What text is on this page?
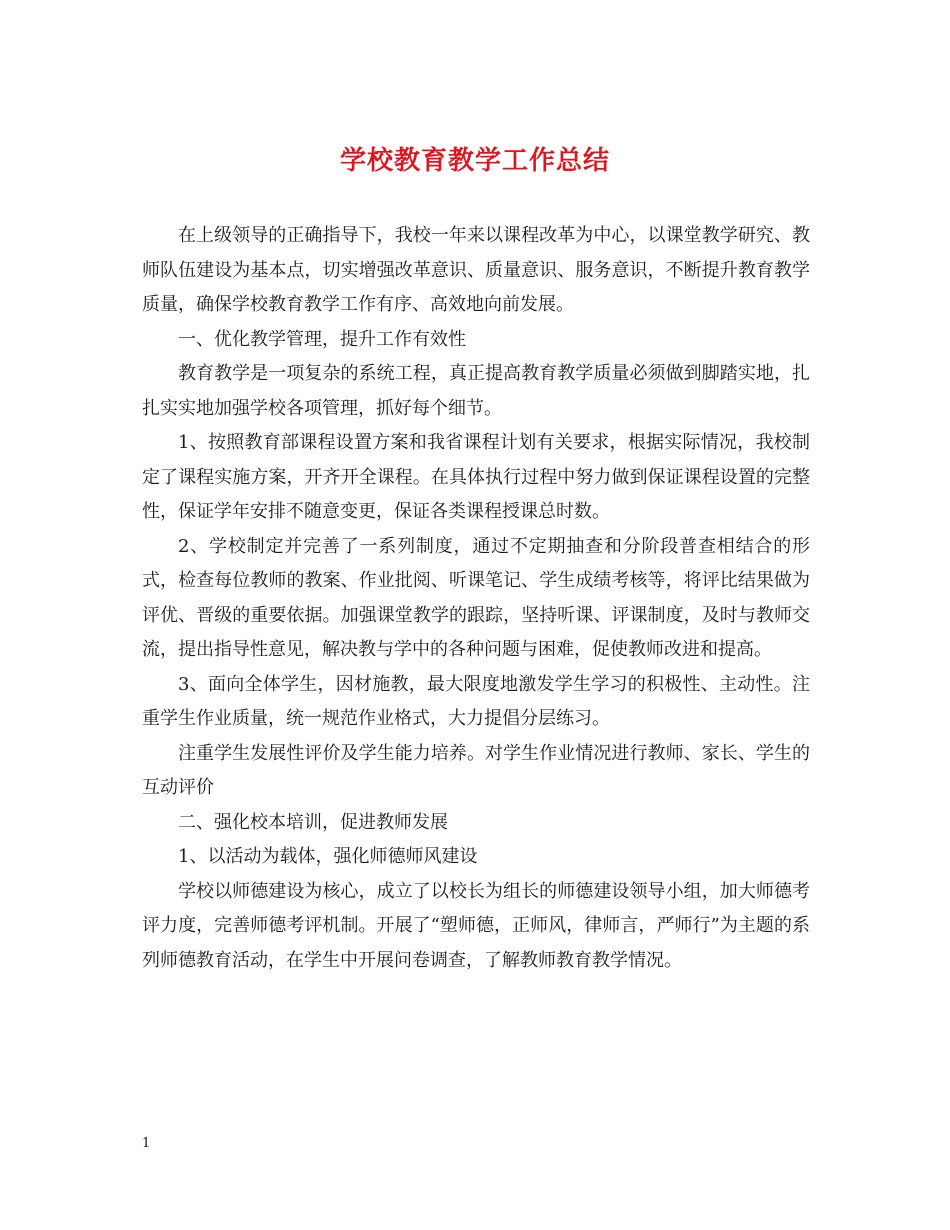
学校教育教学工作总结

在上级领导的正确指导下，我校一年来以课程改革为中心，以课堂教学研究、教师队伍建设为基本点，切实增强改革意识、质量意识、服务意识，不断提升教育教学质量，确保学校教育教学工作有序、高效地向前发展。

一、优化教学管理，提升工作有效性

教育教学是一项复杂的系统工程，真正提高教育教学质量必须做到脚踏实地，扎扎实实地加强学校各项管理，抓好每个细节。

1、按照教育部课程设置方案和我省课程计划有关要求，根据实际情况，我校制定了课程实施方案，开齐开全课程。在具体执行过程中努力做到保证课程设置的完整性，保证学年安排不随意变更，保证各类课程授课总时数。

2、学校制定并完善了一系列制度，通过不定期抽查和分阶段普查相结合的形式，检查每位教师的教案、作业批阅、听课笔记、学生成绩考核等，将评比结果做为评优、晋级的重要依据。加强课堂教学的跟踪，坚持听课、评课制度，及时与教师交流，提出指导性意见，解决教与学中的各种问题与困难，促使教师改进和提高。

3、面向全体学生，因材施教，最大限度地激发学生学习的积极性、主动性。注重学生作业质量，统一规范作业格式，大力提倡分层练习。

注重学生发展性评价及学生能力培养。对学生作业情况进行教师、家长、学生的互动评价

二、强化校本培训，促进教师发展

1、以活动为载体，强化师德师风建设

学校以师德建设为核心，成立了以校长为组长的师德建设领导小组，加大师德考评力度，完善师德考评机制。开展了“塑师德，正师风，律师言，严师行”为主题的系列师德教育活动，在学生中开展问卷调查，了解教师教育教学情况。

1
